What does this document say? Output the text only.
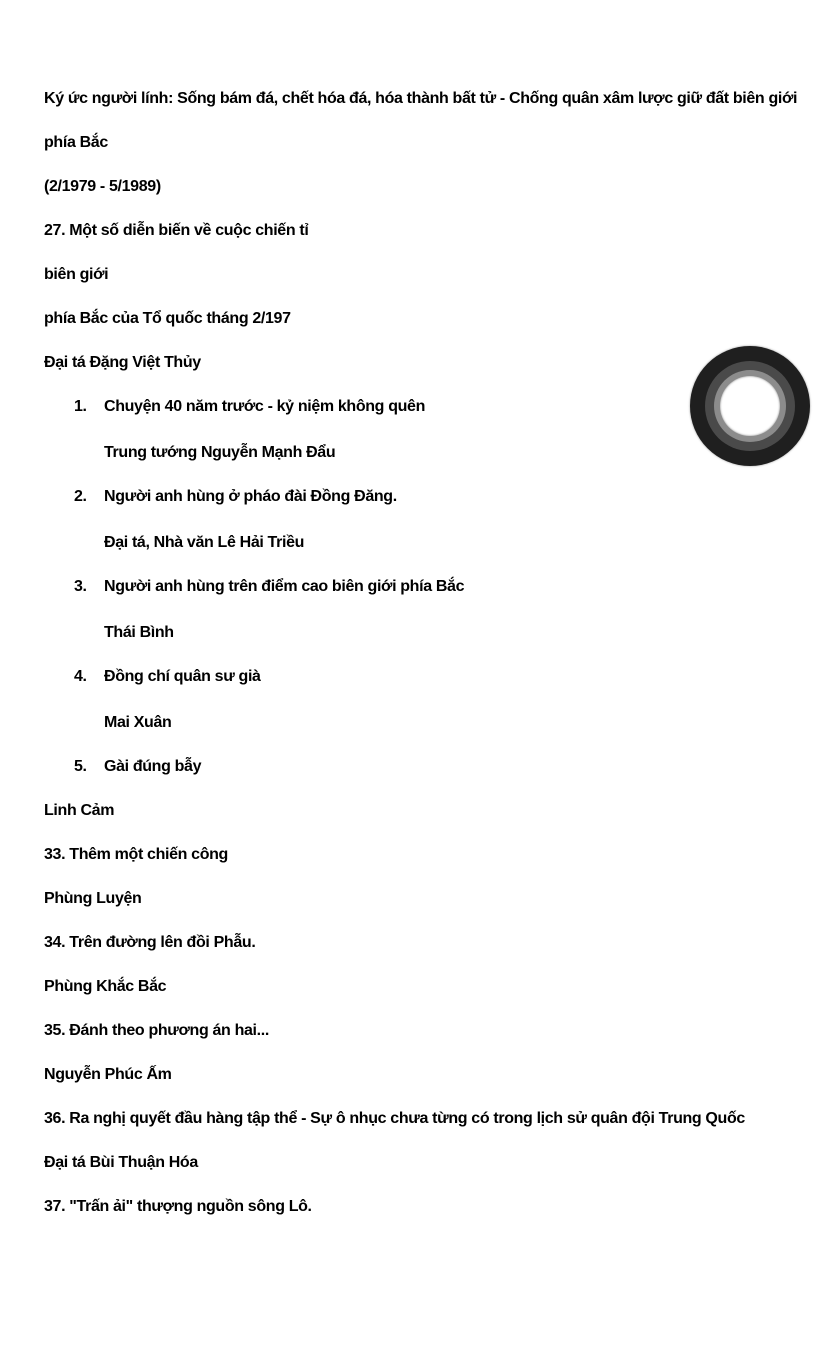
Ký ức người lính: Sống bám đá, chết hóa đá, hóa thành bất tử - Chống quân xâm lược giữ đất biên giới
phía Bắc
(2/1979 - 5/1989)
27. Một số diễn biến về cuộc chiến tỉ
biên giới
phía Bắc của Tổ quốc tháng 2/197
Đại tá Đặng Việt Thủy
1. Chuyện 40 năm trước - kỷ niệm không quên
Trung tướng Nguyễn Mạnh Đẩu
2. Người anh hùng ở pháo đài Đồng Đăng.
Đại tá, Nhà văn Lê Hải Triều
3. Người anh hùng trên điểm cao biên giới phía Bắc
Thái Bình
4. Đồng chí quân sư già
Mai Xuân
5. Gài đúng bẫy
Linh Cảm
33. Thêm một chiến công
Phùng Luyện
34. Trên đường lên đồi Phẫu.
Phùng Khắc Bắc
35. Đánh theo phương án hai...
Nguyễn Phúc Ấm
36. Ra nghị quyết đầu hàng tập thể - Sự ô nhục chưa từng có trong lịch sử quân đội Trung Quốc
Đại tá Bùi Thuận Hóa
37. "Trấn ải" thượng nguồn sông Lô.
